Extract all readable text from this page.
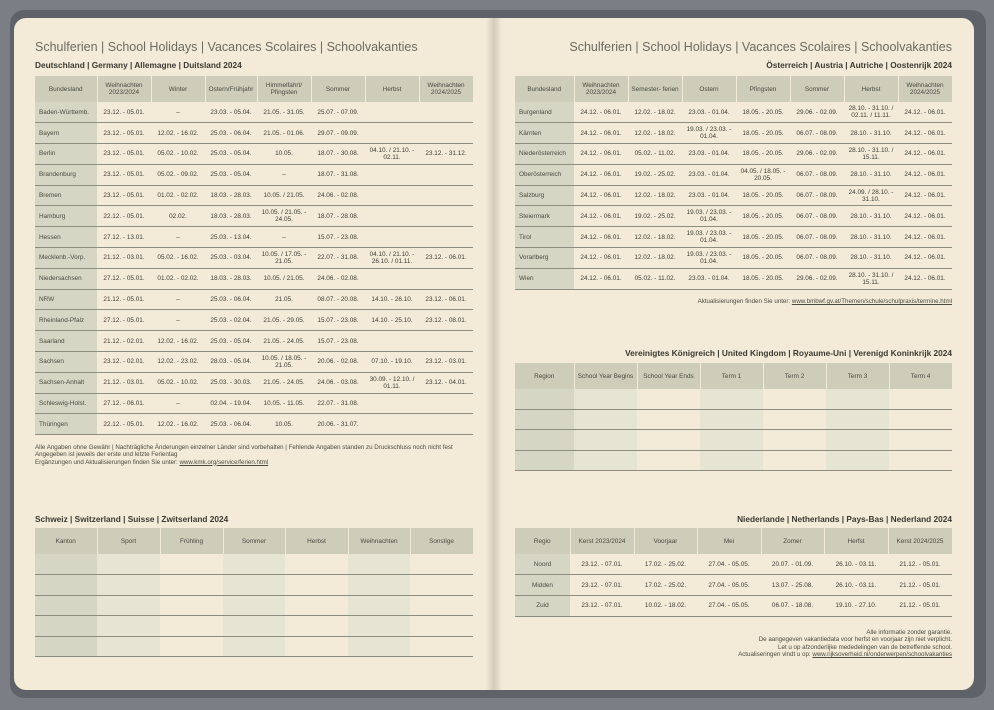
Schulferien | School Holidays | Vacances Scolaires | Schoolvakanties
Deutschland | Germany | Allemagne | Duitsland 2024
Bundesland	Weihnachten 2023/2024	Winter	Ostern/Frühjahr	Himmelfahrt/ Pfingsten	Sommer	Herbst	Weihnachten 2024/2025
Baden-Württemb.	23.12. - 05.01.	–	23.03. - 05.04.	21.05. - 31.05.	25.07. - 07.09.		
Bayern	23.12. - 05.01.	12.02. - 16.02.	25.03. - 06.04.	21.05. - 01.06.	29.07. - 09.09.		
Berlin	23.12. - 05.01.	05.02. - 10.02.	25.03. - 05.04.	10.05.	18.07. - 30.08.	04.10. / 21.10. - 02.11.	23.12. - 31.12.
Brandenburg	23.12. - 05.01.	05.02. - 09.02.	25.03. - 05.04.	–	18.07. - 31.08.		
Bremen	23.12. - 05.01.	01.02. - 02.02.	18.03. - 28.03.	10.05. / 21.05.	24.06. - 02.08.		
Hamburg	22.12. - 05.01.	02.02.	18.03. - 28.03.	10.05. / 21.05. - 24.05.	18.07. - 28.08.		
Hessen	27.12. - 13.01.	–	25.03. - 13.04.	–	15.07. - 23.08.		
Mecklenb.-Vorp.	21.12. - 03.01.	05.02. - 16.02.	25.03. - 03.04.	10.05. / 17.05. - 21.05.	22.07. - 31.08.	04.10. / 21.10. - 26.10. / 01.11.	23.12. - 06.01.
Niedersachsen	27.12. - 05.01.	01.02. - 02.02.	18.03. - 28.03.	10.05. / 21.05.	24.06. - 02.08.		
NRW	21.12. - 05.01.	–	25.03. - 06.04.	21.05.	08.07. - 20.08.	14.10. - 26.10.	23.12. - 06.01.
Rheinland-Pfalz	27.12. - 05.01.	–	25.03. - 02.04.	21.05. - 29.05.	15.07. - 23.08.	14.10. - 25.10.	23.12. - 08.01.
Saarland	21.12. - 02.01.	12.02. - 16.02.	25.03. - 05.04.	21.05. - 24.05.	15.07. - 23.08.		
Sachsen	23.12. - 02.01.	12.02. - 23.02.	28.03. - 05.04.	10.05. / 18.05. - 21.05.	20.06. - 02.08.	07.10. - 19.10.	23.12. - 03.01.
Sachsen-Anhalt	21.12. - 03.01.	05.02. - 10.02.	25.03. - 30.03.	21.05. - 24.05.	24.06. - 03.08.	30.09. - 12.10. / 01.11.	23.12. - 04.01.
Schleswig-Holst.	27.12. - 06.01.	–	02.04. - 19.04.	10.05. - 11.05.	22.07. - 31.08.		
Thüringen	22.12. - 05.01.	12.02. - 16.02.	25.03. - 06.04.	10.05.	20.06. - 31.07.		
Alle Angaben ohne Gewähr | Nachträgliche Änderungen einzelner Länder sind vorbehalten | Fehlende Angaben standen zu Druckschluss noch nicht fest
Angegeben ist jeweils der erste und letzte Ferientag
Ergänzungen und Aktualisierungen finden Sie unter: www.kmk.org/service/ferien.html
Schweiz | Switzerland | Suisse | Zwitserland 2024
Kanton	Sport	Frühling	Sommer	Herbst	Weihnachten	Sonstige

Schulferien | School Holidays | Vacances Scolaires | Schoolvakanties
Österreich | Austria | Autriche | Oostenrijk 2024
Bundesland	Weihnachten 2023/2024	Semester- ferien	Ostern	Pfingsten	Sommer	Herbst	Weihnachten 2024/2025
Burgenland	24.12. - 06.01.	12.02. - 18.02.	23.03. - 01.04.	18.05. - 20.05.	29.06. - 02.09.	28.10. - 31.10. / 02.11. / 11.11.	24.12. - 06.01.
Kärnten	24.12. - 06.01.	12.02. - 18.02.	19.03. / 23.03. - 01.04.	18.05. - 20.05.	06.07. - 08.09.	28.10. - 31.10.	24.12. - 06.01.
Niederösterreich	24.12. - 06.01.	05.02. - 11.02.	23.03. - 01.04.	18.05. - 20.05.	29.06. - 02.09.	28.10. - 31.10. / 15.11.	24.12. - 06.01.
Oberösterreich	24.12. - 06.01.	19.02. - 25.02.	23.03. - 01.04.	04.05. / 18.05. - 20.05.	06.07. - 08.09.	28.10. - 31.10.	24.12. - 06.01.
Salzburg	24.12. - 06.01.	12.02. - 18.02.	23.03. - 01.04.	18.05. - 20.05.	06.07. - 08.09.	24.09. / 28.10. - 31.10.	24.12. - 06.01.
Steiermark	24.12. - 06.01.	19.02. - 25.02.	19.03. / 23.03. - 01.04.	18.05. - 20.05.	06.07. - 08.09.	28.10. - 31.10.	24.12. - 06.01.
Tirol	24.12. - 06.01.	12.02. - 18.02.	19.03. / 23.03. - 01.04.	18.05. - 20.05.	06.07. - 08.09.	28.10. - 31.10.	24.12. - 06.01.
Vorarlberg	24.12. - 06.01.	12.02. - 18.02.	19.03. / 23.03. - 01.04.	18.05. - 20.05.	06.07. - 08.09.	28.10. - 31.10.	24.12. - 06.01.
Wien	24.12. - 06.01.	05.02. - 11.02.	23.03. - 01.04.	18.05. - 20.05.	29.06. - 02.09.	28.10. - 31.10. / 15.11.	24.12. - 06.01.
Aktualisierungen finden Sie unter: www.bmbwf.gv.at/Themen/schule/schulpraxis/termine.html
Vereinigtes Königreich | United Kingdom | Royaume-Uni | Verenigd Koninkrijk 2024
Region	School Year Begins	School Year Ends	Term 1	Term 2	Term 3	Term 4

Niederlande | Netherlands | Pays-Bas | Nederland 2024
Regio	Kerst 2023/2024	Voorjaar	Mei	Zomer	Herfst	Kerst 2024/2025
Noord	23.12. - 07.01.	17.02. - 25.02.	27.04. - 05.05.	20.07. - 01.09.	26.10. - 03.11.	21.12. - 05.01.
Midden	23.12. - 07.01.	17.02. - 25.02.	27.04. - 05.05.	13.07. - 25.08.	26.10. - 03.11.	21.12. - 05.01.
Zuid	23.12. - 07.01.	10.02. - 18.02.	27.04. - 05.05.	06.07. - 18.08.	19.10. - 27.10.	21.12. - 05.01.
Alle informatie zonder garantie.
De aangegeven vakantiedata voor herfst en voorjaar zijn niet verplicht.
Let u op afzonderlijke mededelingen van de betreffende school.
Actualiseringen vindt u op: www.rijksoverheid.nl/onderwerpen/schoolvakanties
